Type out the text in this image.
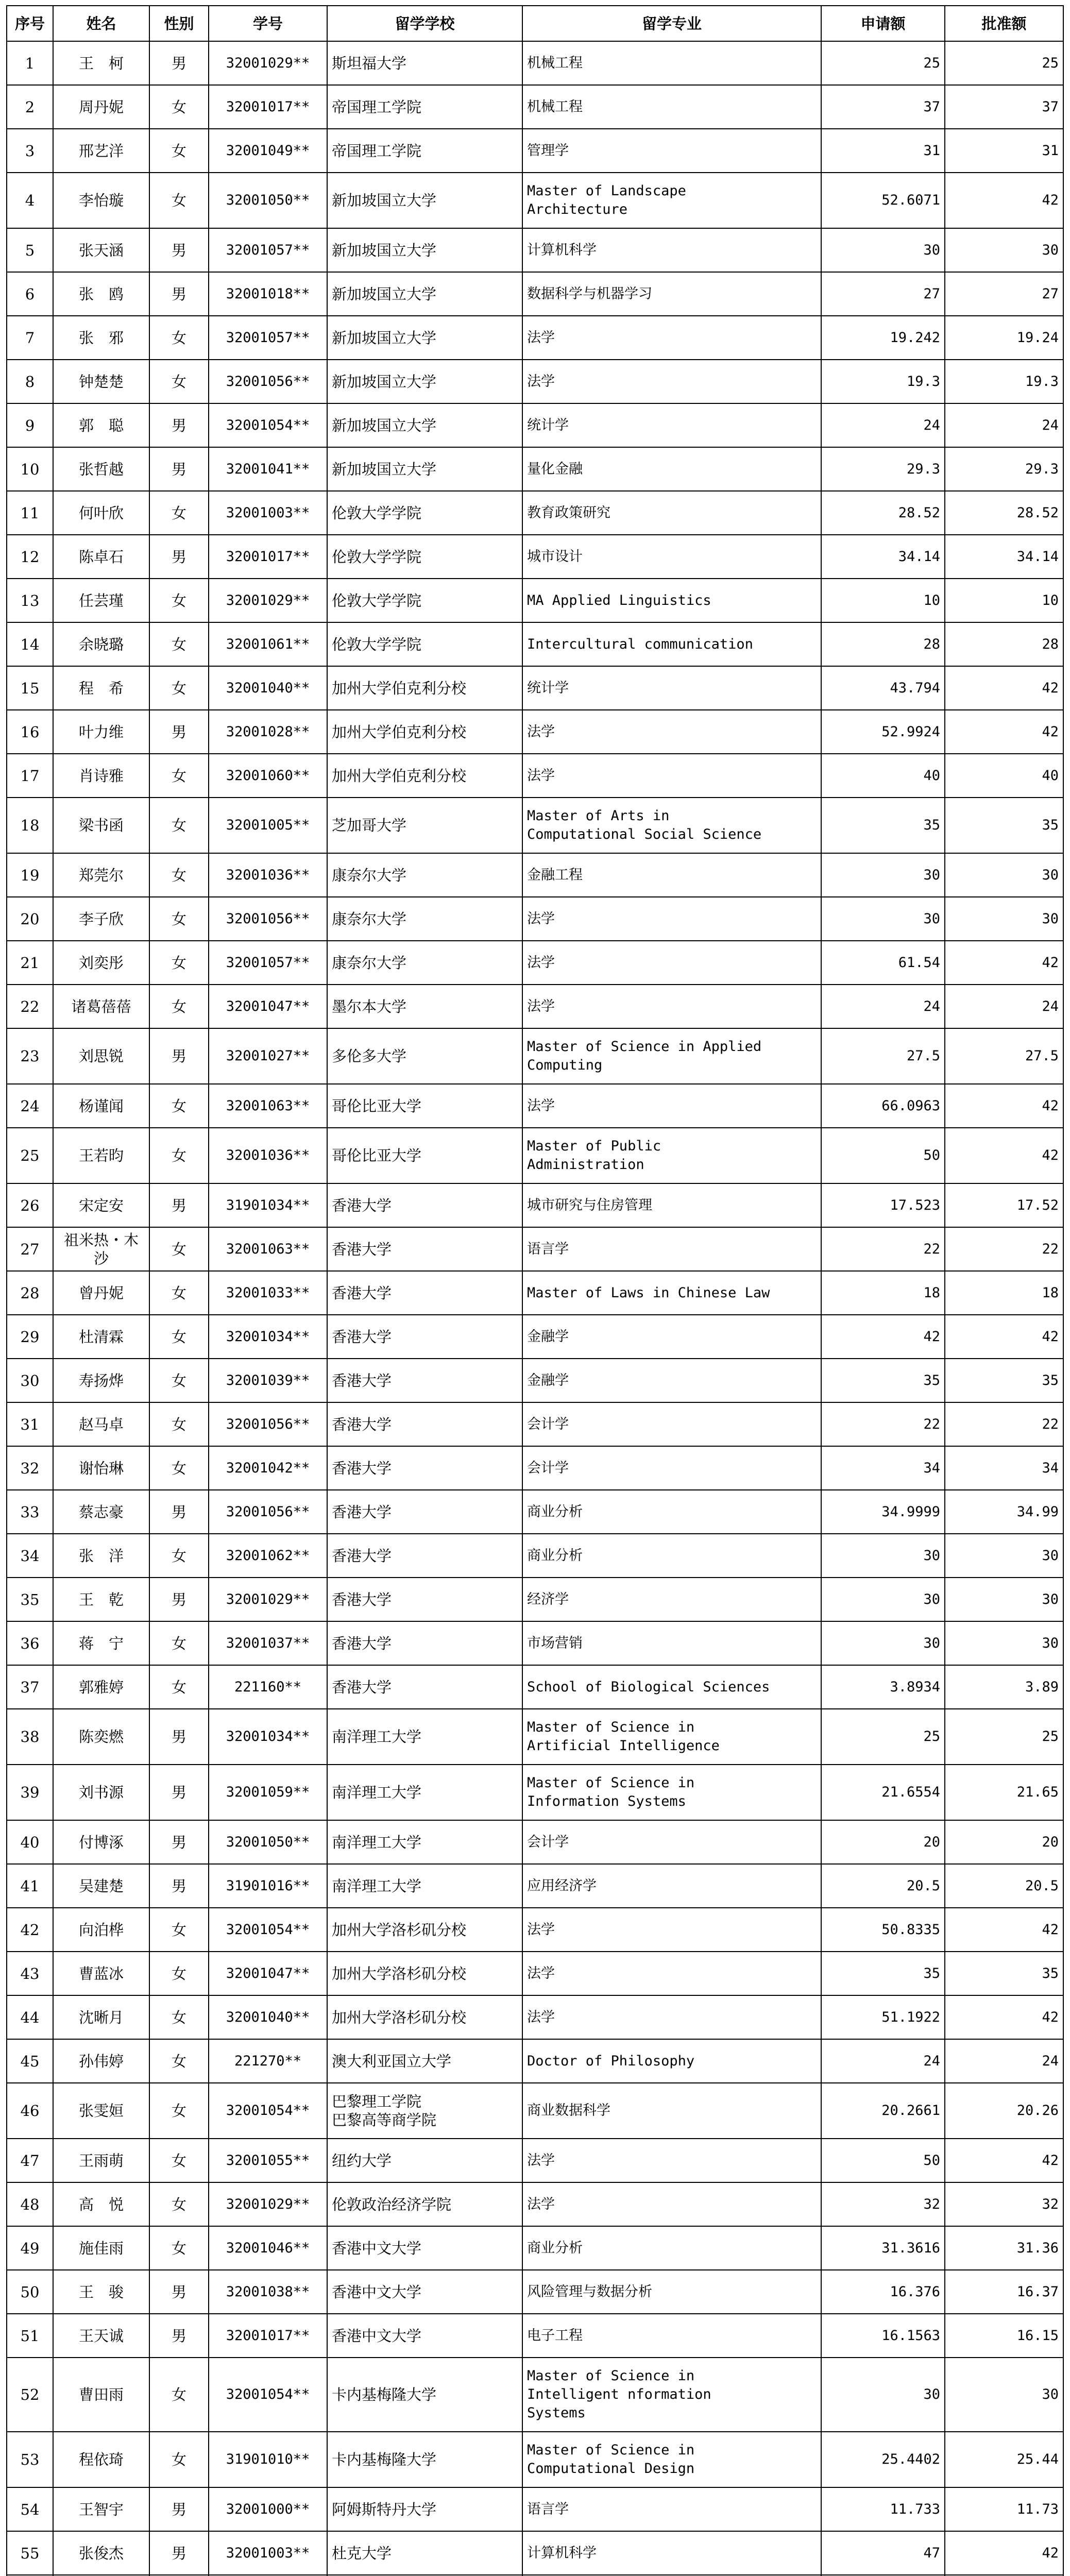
序号	姓名	性别	学号	留学学校	留学专业	申请额	批准额
1	王　柯	男	32001029**	斯坦福大学	机械工程	25	25
2	周丹妮	女	32001017**	帝国理工学院	机械工程	37	37
3	邢艺洋	女	32001049**	帝国理工学院	管理学	31	31
4	李怡璇	女	32001050**	新加坡国立大学	Master of Landscape
Architecture	52.6071	42
5	张天涵	男	32001057**	新加坡国立大学	计算机科学	30	30
6	张　鸥	男	32001018**	新加坡国立大学	数据科学与机器学习	27	27
7	张　邪	女	32001057**	新加坡国立大学	法学	19.242	19.24
8	钟楚楚	女	32001056**	新加坡国立大学	法学	19.3	19.3
9	郭　聪	男	32001054**	新加坡国立大学	统计学	24	24
10	张哲越	男	32001041**	新加坡国立大学	量化金融	29.3	29.3
11	何叶欣	女	32001003**	伦敦大学学院	教育政策研究	28.52	28.52
12	陈卓石	男	32001017**	伦敦大学学院	城市设计	34.14	34.14
13	任芸瑾	女	32001029**	伦敦大学学院	MA Applied Linguistics	10	10
14	余晓璐	女	32001061**	伦敦大学学院	Intercultural communication	28	28
15	程　希	女	32001040**	加州大学伯克利分校	统计学	43.794	42
16	叶力维	男	32001028**	加州大学伯克利分校	法学	52.9924	42
17	肖诗雅	女	32001060**	加州大学伯克利分校	法学	40	40
18	梁书函	女	32001005**	芝加哥大学	Master of Arts in
Computational Social Science	35	35
19	郑莞尔	女	32001036**	康奈尔大学	金融工程	30	30
20	李子欣	女	32001056**	康奈尔大学	法学	30	30
21	刘奕彤	女	32001057**	康奈尔大学	法学	61.54	42
22	诸葛蓓蓓	女	32001047**	墨尔本大学	法学	24	24
23	刘思锐	男	32001027**	多伦多大学	Master of Science in Applied
Computing	27.5	27.5
24	杨谨闻	女	32001063**	哥伦比亚大学	法学	66.0963	42
25	王若昀	女	32001036**	哥伦比亚大学	Master of Public
Administration	50	42
26	宋定安	男	31901034**	香港大学	城市研究与住房管理	17.523	17.52
27	祖米热・木沙	女	32001063**	香港大学	语言学	22	22
28	曾丹妮	女	32001033**	香港大学	Master of Laws in Chinese Law	18	18
29	杜清霖	女	32001034**	香港大学	金融学	42	42
30	寿扬烨	女	32001039**	香港大学	金融学	35	35
31	赵马卓	女	32001056**	香港大学	会计学	22	22
32	谢怡琳	女	32001042**	香港大学	会计学	34	34
33	蔡志豪	男	32001056**	香港大学	商业分析	34.9999	34.99
34	张　洋	女	32001062**	香港大学	商业分析	30	30
35	王　乾	男	32001029**	香港大学	经济学	30	30
36	蒋　宁	女	32001037**	香港大学	市场营销	30	30
37	郭雅婷	女	221160**	香港大学	School of Biological Sciences	3.8934	3.89
38	陈奕燃	男	32001034**	南洋理工大学	Master of Science in
Artificial Intelligence	25	25
39	刘书源	男	32001059**	南洋理工大学	Master of Science in
Information Systems	21.6554	21.65
40	付博涿	男	32001050**	南洋理工大学	会计学	20	20
41	吴建楚	男	31901016**	南洋理工大学	应用经济学	20.5	20.5
42	向泊桦	女	32001054**	加州大学洛杉矶分校	法学	50.8335	42
43	曹蓝冰	女	32001047**	加州大学洛杉矶分校	法学	35	35
44	沈晰月	女	32001040**	加州大学洛杉矶分校	法学	51.1922	42
45	孙伟婷	女	221270**	澳大利亚国立大学	Doctor of Philosophy	24	24
46	张雯姮	女	32001054**	巴黎理工学院
巴黎高等商学院	商业数据科学	20.2661	20.26
47	王雨萌	女	32001055**	纽约大学	法学	50	42
48	高　悦	女	32001029**	伦敦政治经济学院	法学	32	32
49	施佳雨	女	32001046**	香港中文大学	商业分析	31.3616	31.36
50	王　骏	男	32001038**	香港中文大学	风险管理与数据分析	16.376	16.37
51	王天诚	男	32001017**	香港中文大学	电子工程	16.1563	16.15
52	曹田雨	女	32001054**	卡内基梅隆大学	Master of Science in
Intelligent nformation
Systems	30	30
53	程依琦	女	31901010**	卡内基梅隆大学	Master of Science in
Computational Design	25.4402	25.44
54	王智宇	男	32001000**	阿姆斯特丹大学	语言学	11.733	11.73
55	张俊杰	男	32001003**	杜克大学	计算机科学	47	42
